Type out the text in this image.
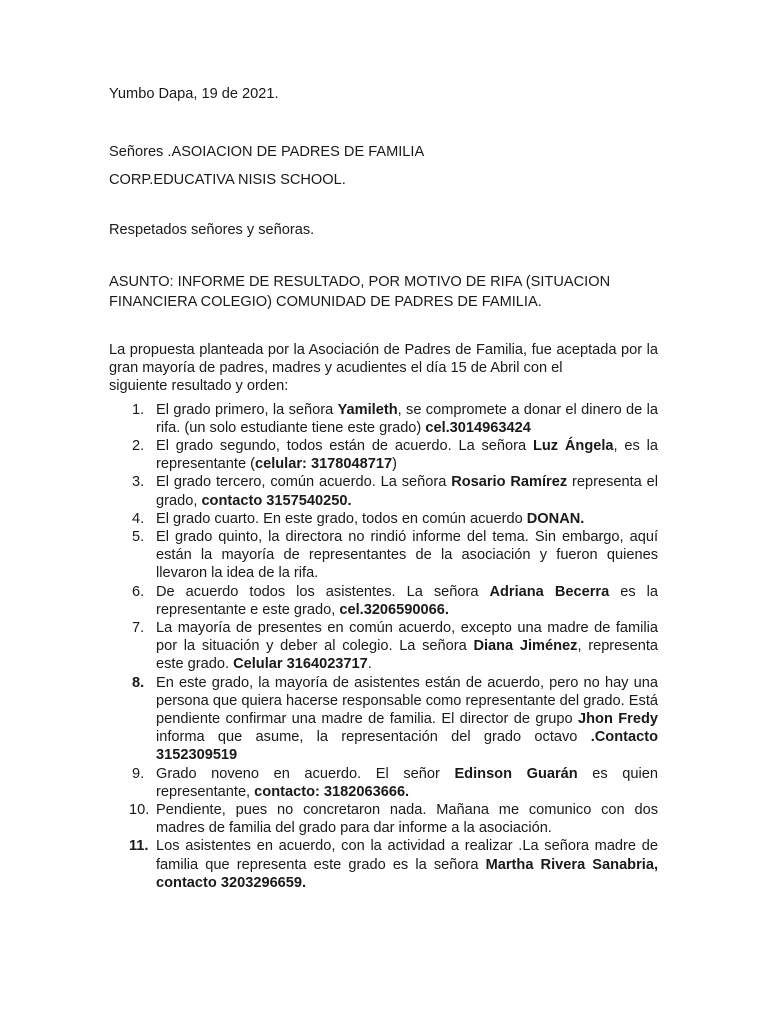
Yumbo Dapa, 19 de 2021.

Señores .ASOIACION DE PADRES DE FAMILIA

CORP.EDUCATIVA NISIS SCHOOL.

Respetados señores y señoras.

ASUNTO: INFORME DE RESULTADO, POR MOTIVO DE RIFA (SITUACION
FINANCIERA COLEGIO) COMUNIDAD DE PADRES DE FAMILIA.

La propuesta planteada por la Asociación de Padres de Familia, fue aceptada por la gran mayoría de padres, madres y acudientes el día 15 de Abril con el
siguiente resultado y orden:

1. El grado primero, la señora Yamileth, se compromete a donar el dinero de la rifa. (un solo estudiante tiene este grado) cel.3014963424
2. El grado segundo, todos están de acuerdo. La señora Luz Ángela, es la representante (celular: 3178048717)
3. El grado tercero, común acuerdo. La señora Rosario Ramírez representa el grado, contacto 3157540250.
4. El grado cuarto. En este grado, todos en común acuerdo DONAN.
5. El grado quinto, la directora no rindió informe del tema. Sin embargo, aquí están la mayoría de representantes de la asociación y fueron quienes llevaron la idea de la rifa.
6. De acuerdo todos los asistentes. La señora Adriana Becerra es la representante e este grado, cel.3206590066.
7. La mayoría de presentes en común acuerdo, excepto una madre de familia por la situación y deber al colegio. La señora Diana Jiménez, representa este grado. Celular 3164023717.
8. En este grado, la mayoría de asistentes están de acuerdo, pero no hay una persona que quiera hacerse responsable como representante del grado. Está pendiente confirmar una madre de familia. El director de grupo Jhon Fredy informa que asume, la representación del grado octavo .Contacto 3152309519
9. Grado noveno en acuerdo. El señor Edinson Guarán es quien representante, contacto: 3182063666.
10. Pendiente, pues no concretaron nada. Mañana me comunico con dos madres de familia del grado para dar informe a la asociación.
11. Los asistentes en acuerdo, con la actividad a realizar .La señora madre de familia que representa este grado es la señora Martha Rivera Sanabria, contacto 3203296659.
